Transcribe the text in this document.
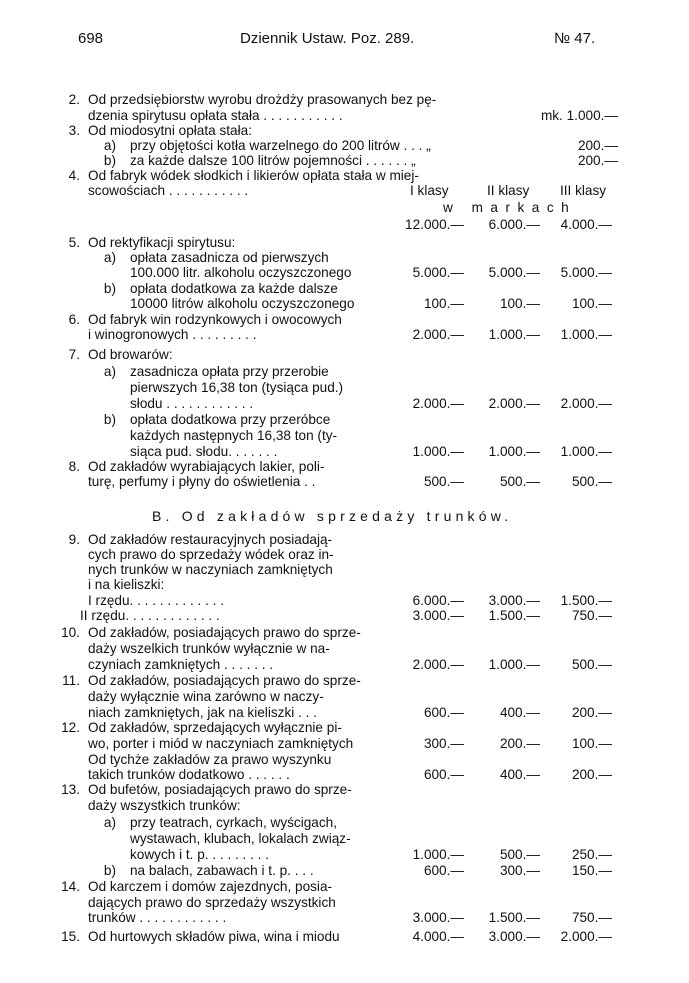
698	Dziennik Ustaw. Poz. 289.	№ 47.
2. Od przedsiębiorstw wyrobu drożdży prasowanych bez pę-
dzenia spirytusu opłata stała . . . . . . . . . . .	mk. 1.000.—
3. Od miodosytni opłata stała:
a) przy objętości kotła warzelnego do 200 litrów . . . „	200.—
b) za każde dalsze 100 litrów pojemności . . . . . . „	200.—
4. Od fabryk wódek słodkich i likierów opłata stała w miej-
scowościach . . . . . . . . . . .	I klasy	II klasy III klasy
w markach
12.000.—	6.000.—	4.000.—
5. Od rektyfikacji spirytusu:
a) opłata zasadnicza od pierwszych
100.000 litr. alkoholu oczyszczonego	5.000.—	5.000.—	5.000.—
b) opłata dodatkowa za każde dalsze
10000 litrów alkoholu oczyszczonego	100.—	100.—	100.—
6. Od fabryk win rodzynkowych i owocowych
i winogronowych . . . . . . . . .	2.000.—	1.000.—	1.000.—
7. Od browarów:
a) zasadnicza opłata przy przerobie
pierwszych 16,38 ton (tysiąca pud.)
słodu . . . . . . . . . . . .	2.000.—	2.000.—	2.000.—
b) opłata dodatkowa przy przeróbce
każdych następnych 16,38 ton (ty-
siąca pud. słodu. . . . . . .	1.000.—	1.000.—	1.000.—
8. Od zakładów wyrabiających lakier, poli-
turę, perfumy i płyny do oświetlenia . .	500.—	500.—	500.—
B. Od zakładów sprzedaży trunków.
9. Od zakładów restauracyjnych posiadają-
cych prawo do sprzedaży wódek oraz in-
nych trunków w naczyniach zamkniętych
i na kieliszki:
I rzędu. . . . . . . . . . . . .	6.000.—	3.000.—	1.500.—
II rzędu. . . . . . . . . . . . .	3.000.—	1.500.—	750.—
10. Od zakładów, posiadających prawo do sprze-
daży wszelkich trunków wyłącznie w na-
czyniach zamkniętych . . . . . . .	2.000.—	1.000.—	500.—
11. Od zakładów, posiadających prawo do sprze-
daży wyłącznie wina zarówno w naczy-
niach zamkniętych, jak na kieliszki . . .	600.—	400.—	200.—
12. Od zakładów, sprzedających wyłącznie pi-
wo, porter i miód w naczyniach zamkniętych	300.—	200.—	100.—
Od tychże zakładów za prawo wyszynku
takich trunków dodatkowo . . . . . .	600.—	400.—	200.—
13. Od bufetów, posiadających prawo do sprze-
daży wszystkich trunków:
a) przy teatrach, cyrkach, wyścigach,
wystawach, klubach, lokalach związ-
kowych i t. p. . . . . . . . .	1.000.—	500.—	250.—
b) na balach, zabawach i t. p. . . .	600.—	300.—	150.—
14. Od karczem i domów zajezdnych, posia-
dających prawo do sprzedaży wszystkich
trunków . . . . . . . . . . . .	3.000.—	1.500.—	750.—
15. Od hurtowych składów piwa, wina i miodu	4.000.—	3.000.—	2.000.—
